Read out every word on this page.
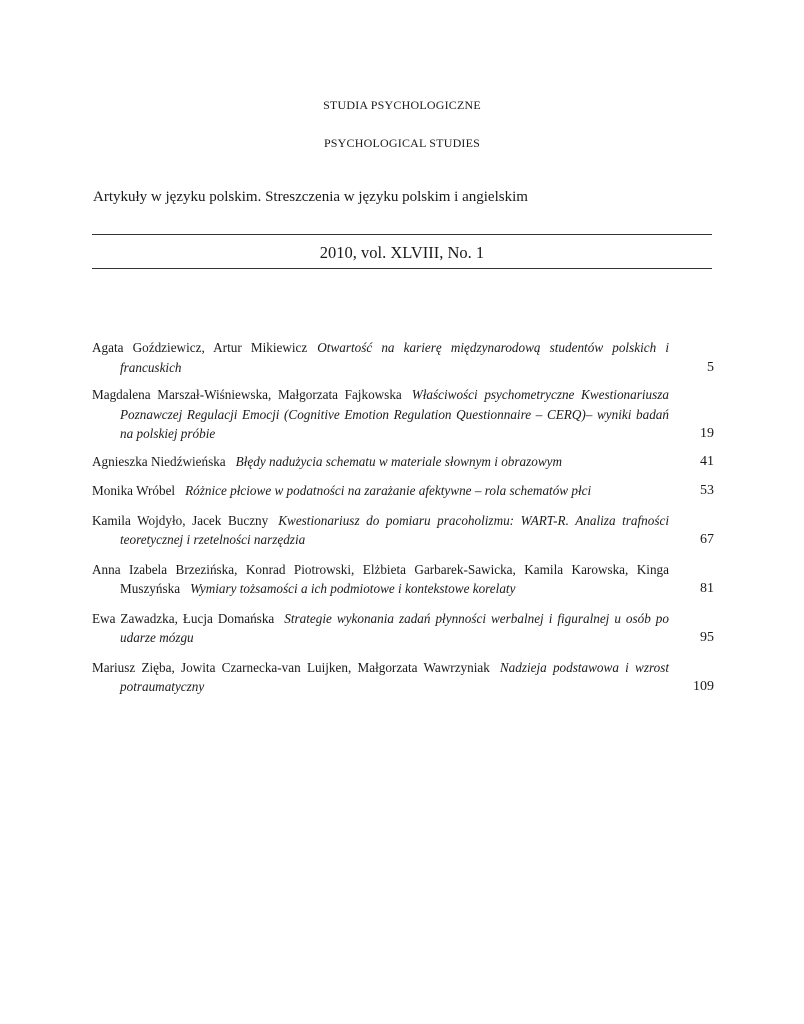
STUDIA PSYCHOLOGICZNE
PSYCHOLOGICAL STUDIES
Artykuły w języku polskim. Streszczenia w języku polskim i angielskim
2010, vol. XLVIII, No. 1
Agata Goździewicz, Artur Mikiewicz Otwartość na karierę międzynarodową studentów polskich i francuskich	5
Magdalena Marszał-Wiśniewska, Małgorzata Fajkowska Właściwości psychometryczne Kwestionariusza Poznawczej Regulacji Emocji (Cognitive Emotion Regulation Questionnaire – CERQ)– wyniki badań na polskiej próbie	19
Agnieszka Niedźwieńska Błędy nadużycia schematu w materiale słownym i obrazowym	41
Monika Wróbel Różnice płciowe w podatności na zarażanie afektywne – rola schematów płci	53
Kamila Wojdyło, Jacek Buczny Kwestionariusz do pomiaru pracoholizmu: WART-R. Analiza trafności teoretycznej i rzetelności narzędzia	67
Anna Izabela Brzezińska, Konrad Piotrowski, Elżbieta Garbarek-Sawicka, Kamila Karowska, Kinga Muszyńska Wymiary tożsamości a ich podmiotowe i kontekstowe korelaty	81
Ewa Zawadzka, Łucja Domańska Strategie wykonania zadań płynności werbalnej i figuralnej u osób po udarze mózgu	95
Mariusz Zięba, Jowita Czarnecka-van Luijken, Małgorzata Wawrzyniak Nadzieja podstawowa i wzrost potraumatyczny	109
